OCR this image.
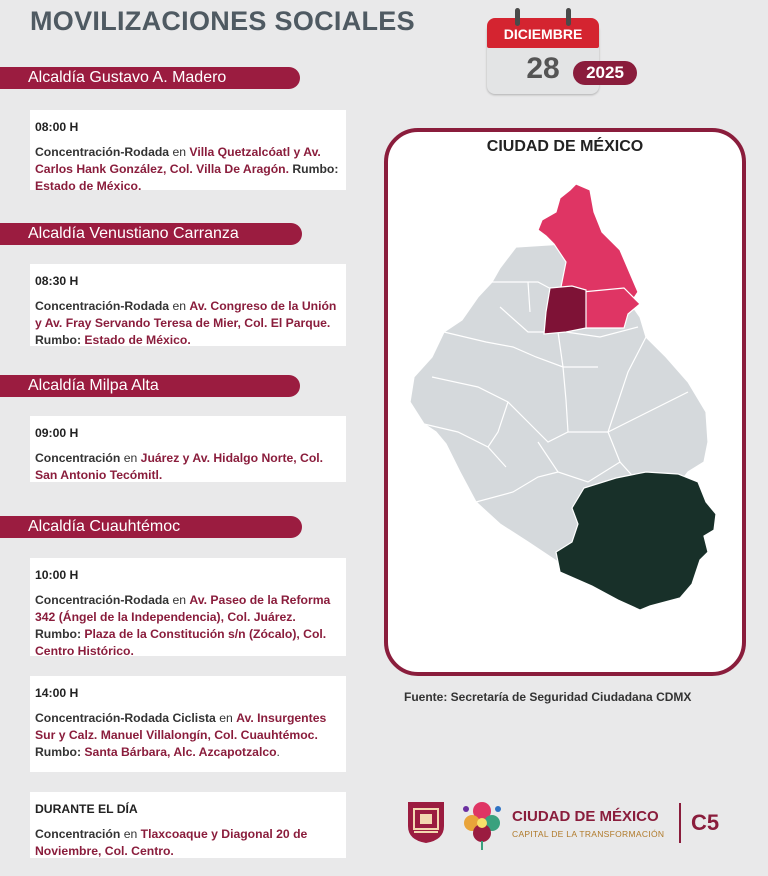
MOVILIZACIONES SOCIALES	DICIEMBRE
28	2025
Alcaldía Gustavo A. Madero
08:00 H
Concentración-Rodada en Villa Quetzalcóatl y Av. Carlos Hank González, Col. Villa De Aragón. Rumbo: Estado de México.
Alcaldía Venustiano Carranza
08:30 H
Concentración-Rodada en Av. Congreso de la Unión y Av. Fray Servando Teresa de Mier, Col. El Parque. Rumbo: Estado de México.
Alcaldía Milpa Alta
09:00 H
Concentración en Juárez y Av. Hidalgo Norte, Col. San Antonio Tecómitl.
Alcaldía Cuauhtémoc
10:00 H
Concentración-Rodada en Av. Paseo de la Reforma 342 (Ángel de la Independencia), Col. Juárez. Rumbo: Plaza de la Constitución s/n (Zócalo), Col. Centro Histórico.
14:00 H
Concentración-Rodada Ciclista en Av. Insurgentes Sur y Calz. Manuel Villalongín, Col. Cuauhtémoc. Rumbo: Santa Bárbara, Alc. Azcapotzalco.
DURANTE EL DÍA
Concentración en Tlaxcoaque y Diagonal 20 de Noviembre, Col. Centro.
CIUDAD DE MÉXICO
Fuente: Secretaría de Seguridad Ciudadana CDMX
CIUDAD DE MÉXICO
CAPITAL DE LA TRANSFORMACIÓN C5
